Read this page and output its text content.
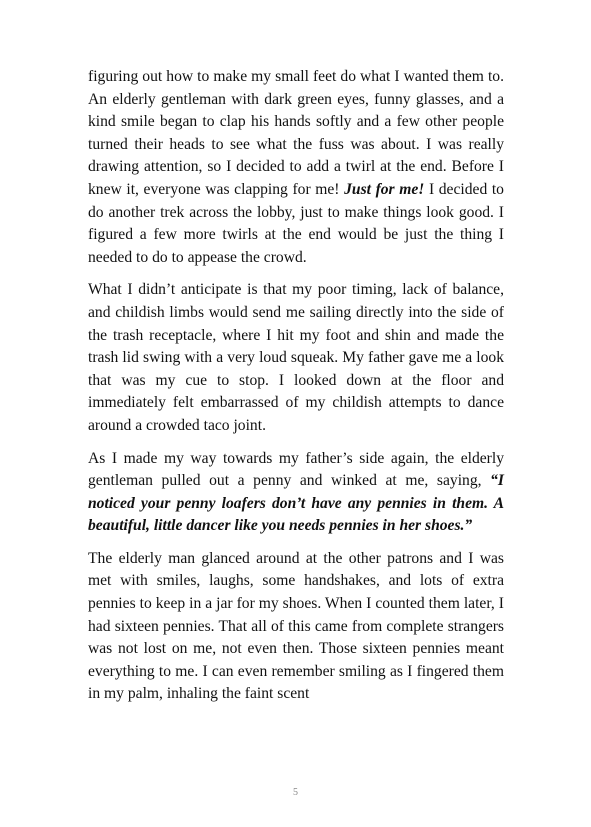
figuring out how to make my small feet do what I wanted them to. An elderly gentleman with dark green eyes, funny glasses, and a kind smile began to clap his hands softly and a few other people turned their heads to see what the fuss was about. I was really drawing attention, so I decided to add a twirl at the end. Before I knew it, everyone was clapping for me! Just for me! I decided to do another trek across the lobby, just to make things look good. I figured a few more twirls at the end would be just the thing I needed to do to appease the crowd.

What I didn’t anticipate is that my poor timing, lack of balance, and childish limbs would send me sailing directly into the side of the trash receptacle, where I hit my foot and shin and made the trash lid swing with a very loud squeak. My father gave me a look that was my cue to stop. I looked down at the floor and immediately felt embarrassed of my childish attempts to dance around a crowded taco joint.

As I made my way towards my father’s side again, the elderly gentleman pulled out a penny and winked at me, saying, “I noticed your penny loafers don’t have any pennies in them. A beautiful, little dancer like you needs pennies in her shoes.”

The elderly man glanced around at the other patrons and I was met with smiles, laughs, some handshakes, and lots of extra pennies to keep in a jar for my shoes. When I counted them later, I had sixteen pennies. That all of this came from complete strangers was not lost on me, not even then. Those sixteen pennies meant everything to me. I can even remember smiling as I fingered them in my palm, inhaling the faint scent

5
